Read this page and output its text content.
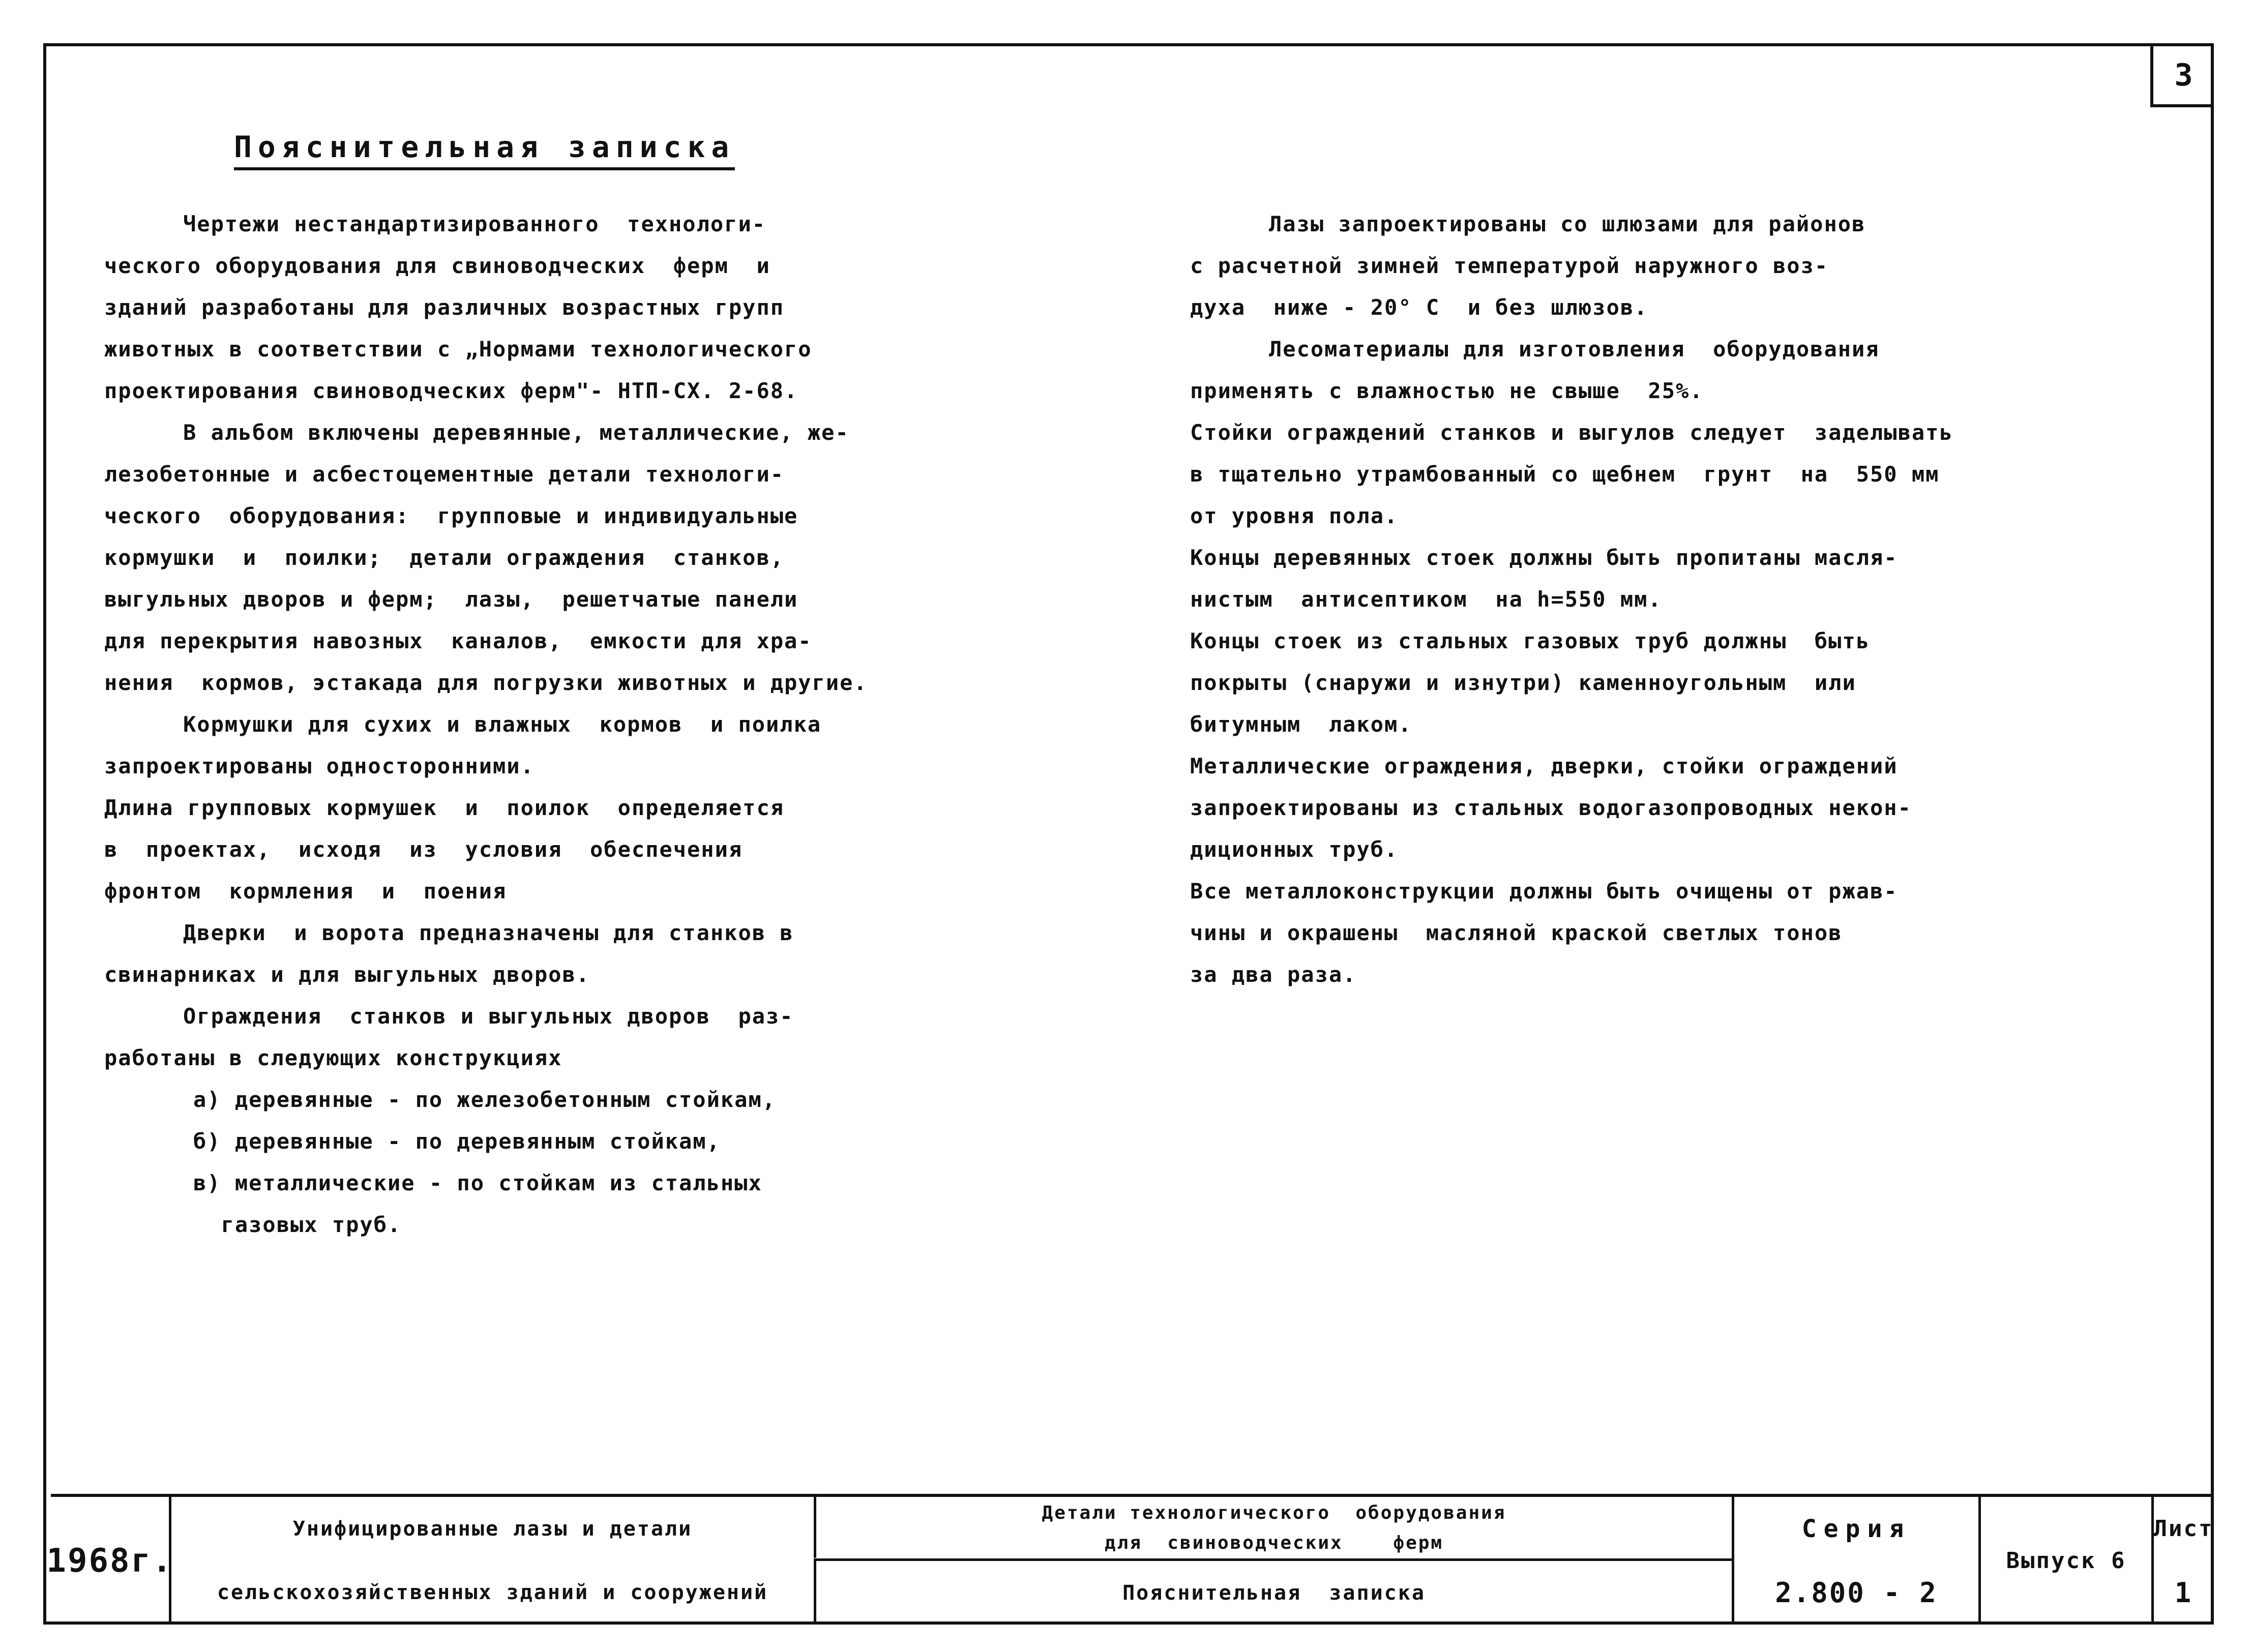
3
Пояснительная записка
Чертежи нестандартизированного  технологи-
ческого оборудования для свиноводческих  ферм  и
зданий разработаны для различных возрастных групп
животных в соответствии с „Нормами технологического
проектирования свиноводческих ферм"- НТП-СХ. 2-68.
В альбом включены деревянные, металлические, же-
лезобетонные и асбестоцементные детали технологи-
ческого  оборудования:  групповые и индивидуальные
кормушки  и  поилки;  детали ограждения  станков,
выгульных дворов и ферм;  лазы,  решетчатые панели
для перекрытия навозных  каналов,  емкости для хра-
нения  кормов, эстакада для погрузки животных и другие.
Кормушки для сухих и влажных  кормов  и поилка
запроектированы односторонними.
Длина групповых кормушек  и  поилок  определяется
в  проектах,  исходя  из  условия  обеспечения
фронтом  кормления  и  поения
Дверки  и ворота предназначены для станков в
свинарниках и для выгульных дворов.
Ограждения  станков и выгульных дворов  раз-
работаны в следующих конструкциях
а) деревянные - по железобетонным стойкам,
б) деревянные - по деревянным стойкам,
в) металлические - по стойкам из стальных
газовых труб.
Лазы запроектированы со шлюзами для районов
с расчетной зимней температурой наружного воз-
духа  ниже - 20° С  и без шлюзов.
Лесоматериалы для изготовления  оборудования
применять с влажностью не свыше  25%.
Стойки ограждений станков и выгулов следует  заделывать
в тщательно утрамбованный со щебнем  грунт  на  550 мм
от уровня пола.
Концы деревянных стоек должны быть пропитаны масля-
нистым  антисептиком  на h=550 мм.
Концы стоек из стальных газовых труб должны  быть
покрыты (снаружи и изнутри) каменноугольным  или
битумным  лаком.
Металлические ограждения, дверки, стойки ограждений
запроектированы из стальных водогазопроводных некон-
диционных труб.
Все металлоконструкции должны быть очищены от ржав-
чины и окрашены  масляной краской светлых тонов
за два раза.
1968г.
Унифицированные лазы и детали
сельскохозяйственных зданий и сооружений
Детали технологического  оборудования
для  свиноводческих    ферм
Пояснительная  записка
Серия
2.800 - 2
Выпуск 6
Лист
1
